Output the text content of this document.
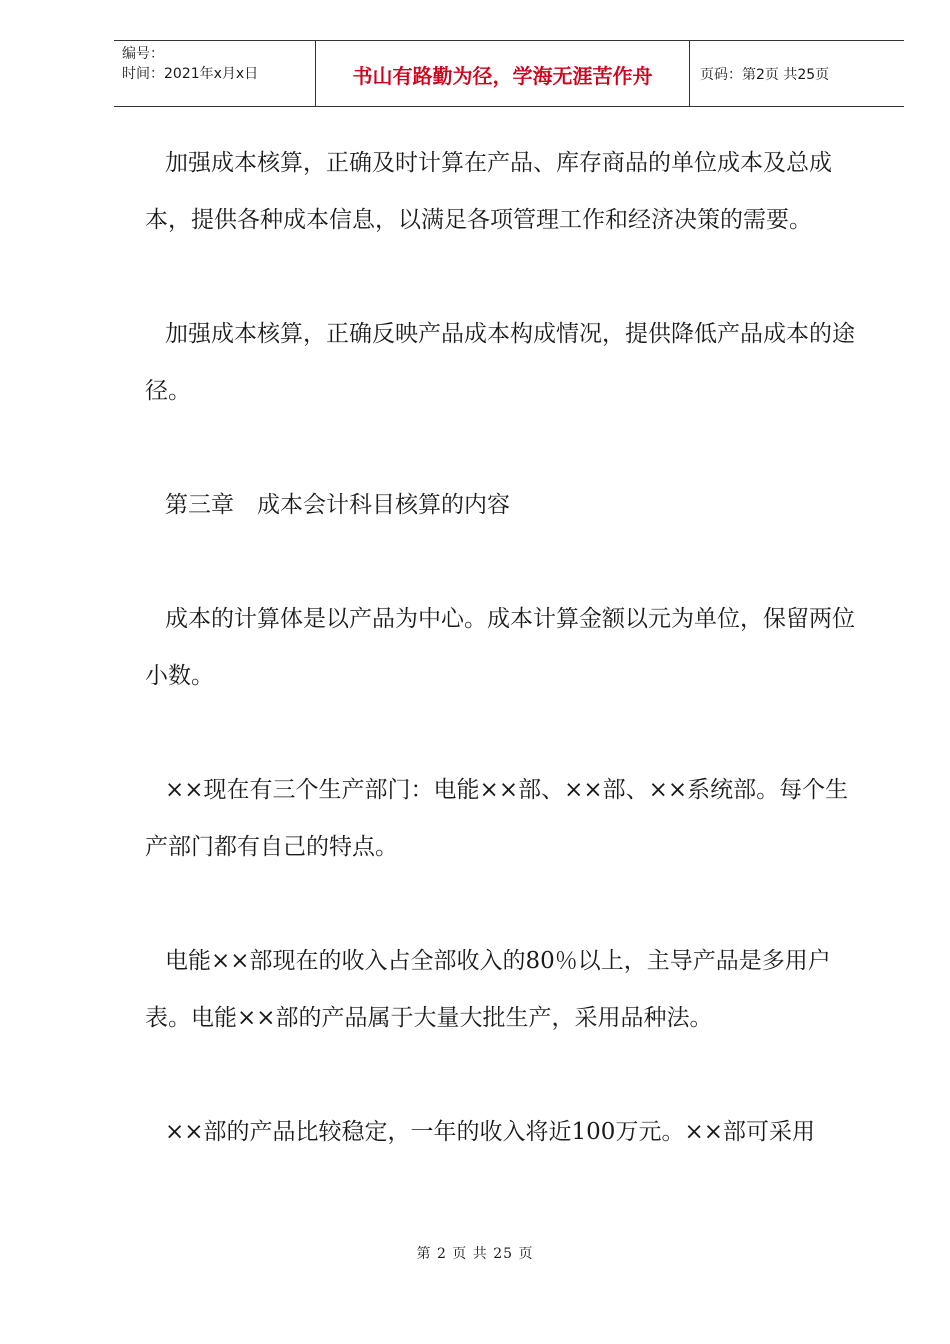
编号：
时间：2021年x月x日	书山有路勤为径，学海无涯苦作舟	页码：第2页 共25页

加强成本核算，正确及时计算在产品、库存商品的单位成本及总成本，提供各种成本信息，以满足各项管理工作和经济决策的需要。

加强成本核算，正确反映产品成本构成情况，提供降低产品成本的途径。

第三章　成本会计科目核算的内容

成本的计算体是以产品为中心。成本计算金额以元为单位，保留两位小数。

××现在有三个生产部门：电能××部、××部、××系统部。每个生产部门都有自己的特点。

电能××部现在的收入占全部收入的80％以上，主导产品是多用户表。电能××部的产品属于大量大批生产，采用品种法。

××部的产品比较稳定，一年的收入将近100万元。××部可采用

第 2 页 共 25 页
